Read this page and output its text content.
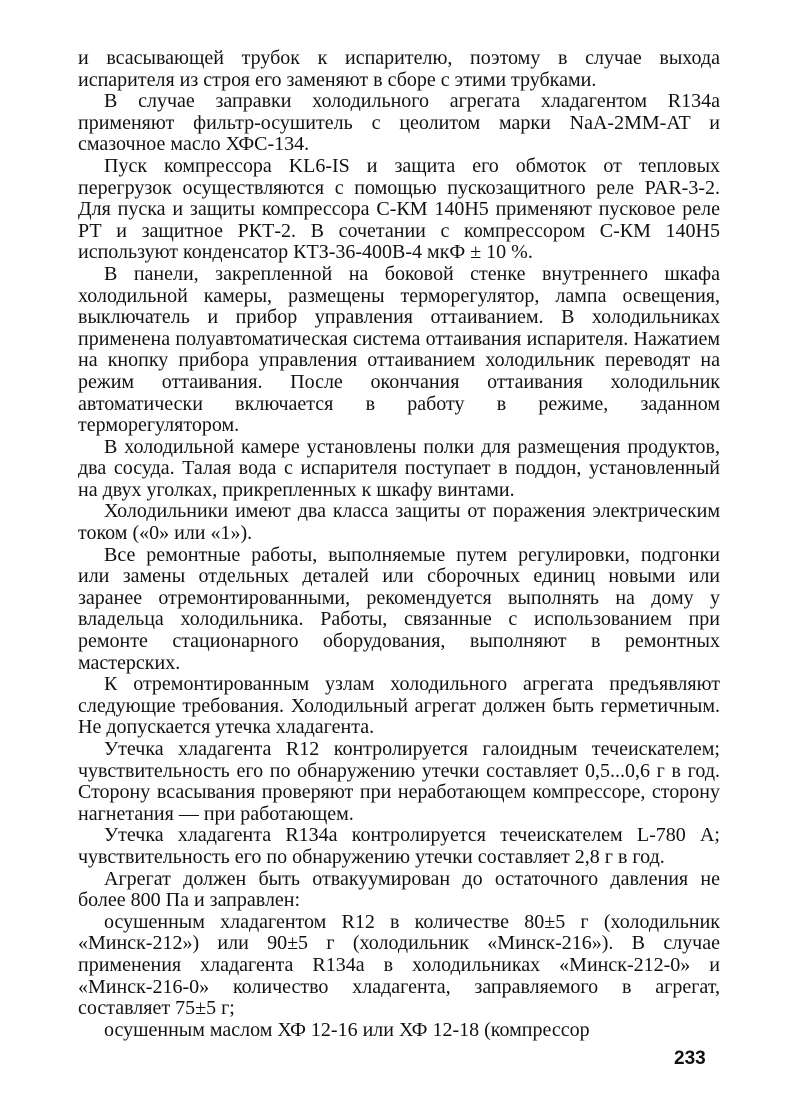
и всасывающей трубок к испарителю, поэтому в случае выхода испарителя из строя его заменяют в сборе с этими трубками.

В случае заправки холодильного агрегата хладагентом R134а применяют фильтр-осушитель с цеолитом марки NaA-2MM-AT и смазочное масло ХФС-134.

Пуск компрессора KL6-IS и защита его обмоток от тепловых перегрузок осуществляются с помощью пускозащитного реле PAR-3-2. Для пуска и защиты компрессора С-КМ 140Н5 применяют пусковое реле РТ и защитное РКТ-2. В сочетании с компрессором С-КМ 140Н5 используют конденсатор КТЗ-36-400В-4 мкФ ± 10 %.

В панели, закрепленной на боковой стенке внутреннего шкафа холодильной камеры, размещены терморегулятор, лампа освещения, выключатель и прибор управления оттаиванием. В холодильниках применена полуавтоматическая система оттаивания испарителя. Нажатием на кнопку прибора управления оттаиванием холодильник переводят на режим оттаивания. После окончания оттаивания холодильник автоматически включается в работу в режиме, заданном терморегулятором.

В холодильной камере установлены полки для размещения продуктов, два сосуда. Талая вода с испарителя поступает в поддон, установленный на двух уголках, прикрепленных к шкафу винтами.

Холодильники имеют два класса защиты от поражения электрическим током («0» или «1»).

Все ремонтные работы, выполняемые путем регулировки, подгонки или замены отдельных деталей или сборочных единиц новыми или заранее отремонтированными, рекомендуется выполнять на дому у владельца холодильника. Работы, связанные с использованием при ремонте стационарного оборудования, выполняют в ремонтных мастерских.

К отремонтированным узлам холодильного агрегата предъявляют следующие требования. Холодильный агрегат должен быть герметичным. Не допускается утечка хладагента.

Утечка хладагента R12 контролируется галоидным течеискателем; чувствительность его по обнаружению утечки составляет 0,5...0,6 г в год. Сторону всасывания проверяют при неработающем компрессоре, сторону нагнетания — при работающем.

Утечка хладагента R134a контролируется течеискателем L-780 А; чувствительность его по обнаружению утечки составляет 2,8 г в год.

Агрегат должен быть отвакуумирован до остаточного давления не более 800 Па и заправлен:

осушенным хладагентом R12 в количестве 80±5 г (холодильник «Минск-212») или 90±5 г (холодильник «Минск-216»). В случае применения хладагента R134a в холодильниках «Минск-212-0» и «Минск-216-0» количество хладагента, заправляемого в агрегат, составляет 75±5 г;

осушенным маслом ХФ 12-16 или ХФ 12-18 (компрессор

233
